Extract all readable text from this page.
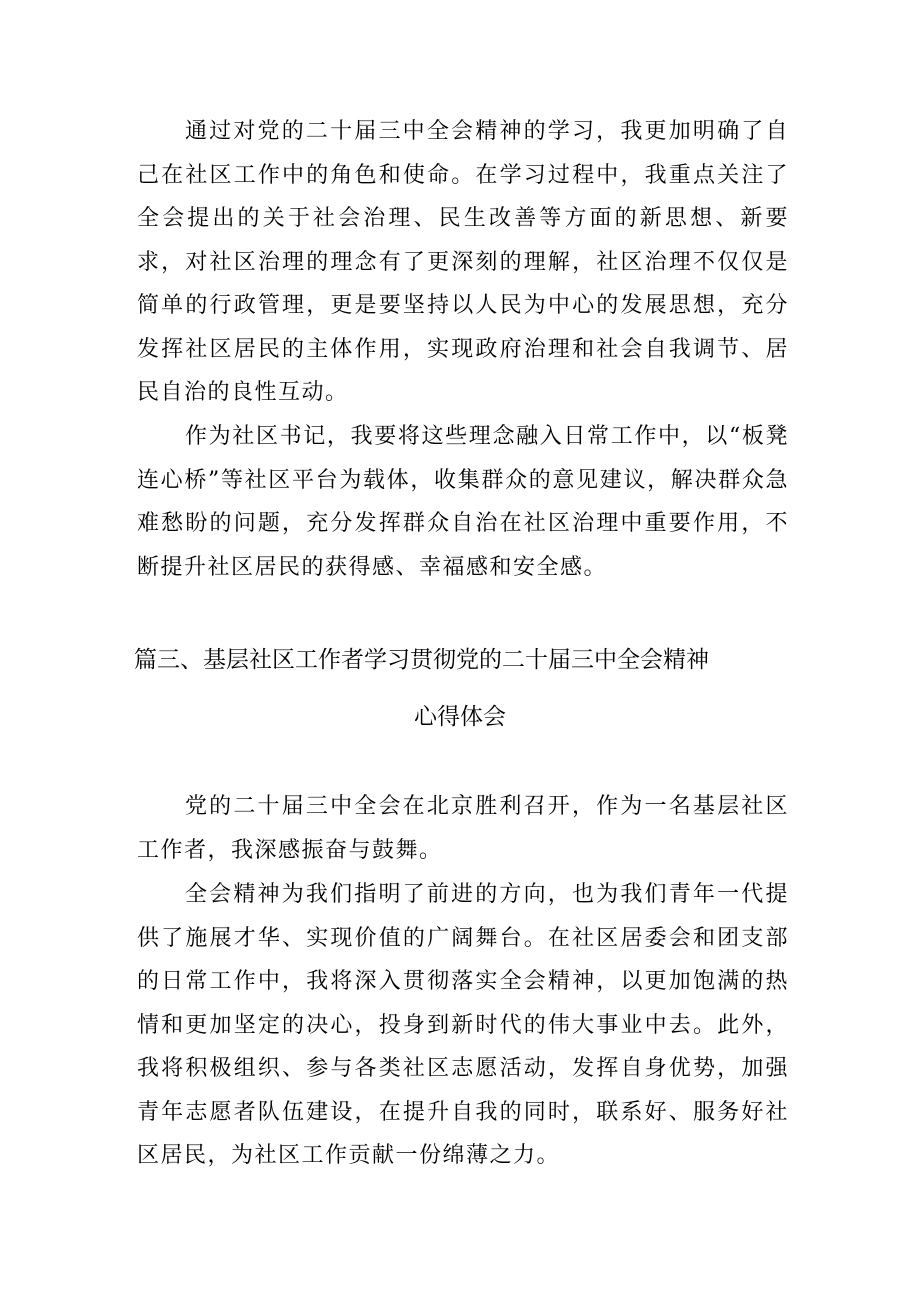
通过对党的二十届三中全会精神的学习，我更加明确了自己在社区工作中的角色和使命。在学习过程中，我重点关注了全会提出的关于社会治理、民生改善等方面的新思想、新要求，对社区治理的理念有了更深刻的理解，社区治理不仅仅是简单的行政管理，更是要坚持以人民为中心的发展思想，充分发挥社区居民的主体作用，实现政府治理和社会自我调节、居民自治的良性互动。

作为社区书记，我要将这些理念融入日常工作中，以“板凳连心桥”等社区平台为载体，收集群众的意见建议，解决群众急难愁盼的问题，充分发挥群众自治在社区治理中重要作用，不断提升社区居民的获得感、幸福感和安全感。

篇三、基层社区工作者学习贯彻党的二十届三中全会精神
心得体会

党的二十届三中全会在北京胜利召开，作为一名基层社区工作者，我深感振奋与鼓舞。

全会精神为我们指明了前进的方向，也为我们青年一代提供了施展才华、实现价值的广阔舞台。在社区居委会和团支部的日常工作中，我将深入贯彻落实全会精神，以更加饱满的热情和更加坚定的决心，投身到新时代的伟大事业中去。此外，我将积极组织、参与各类社区志愿活动，发挥自身优势，加强青年志愿者队伍建设，在提升自我的同时，联系好、服务好社区居民，为社区工作贡献一份绵薄之力。
